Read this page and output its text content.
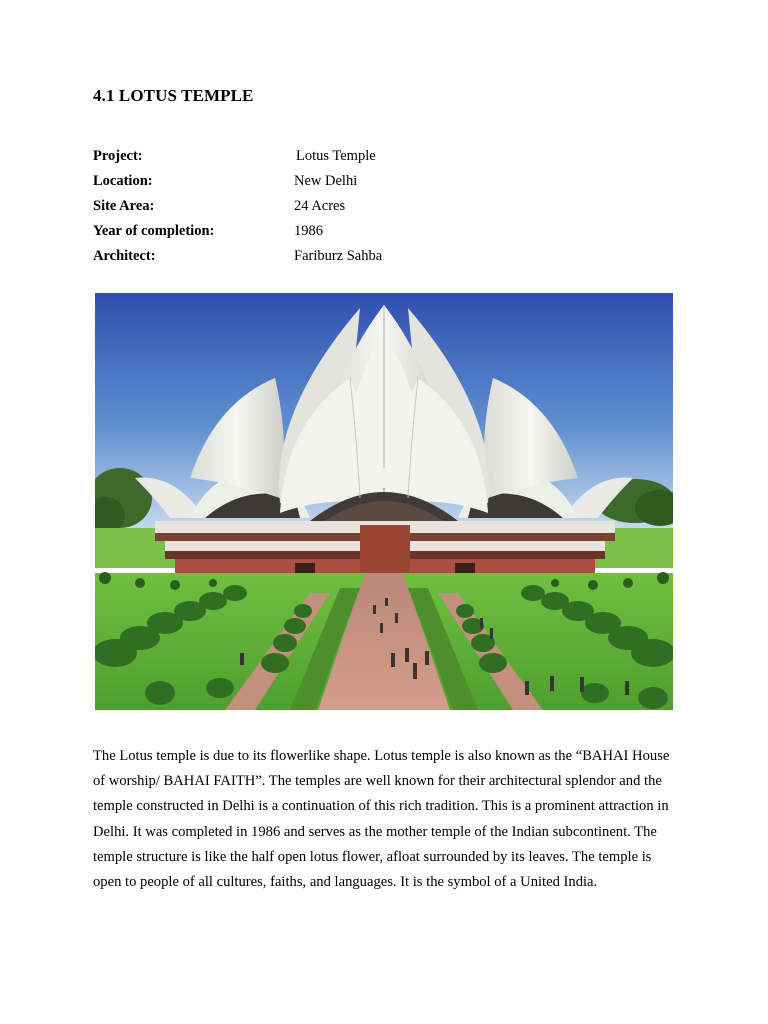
4.1 LOTUS TEMPLE
Project:	Lotus Temple
Location:	New Delhi
Site Area:	24 Acres
Year of completion:	1986
Architect:	Fariburz Sahba
The Lotus temple is due to its flowerlike shape. Lotus temple is also known as the “BAHAI House of worship/ BAHAI FAITH”. The temples are well known for their architectural splendor and the temple constructed in Delhi is a continuation of this rich tradition. This is a prominent attraction in Delhi. It was completed in 1986 and serves as the mother temple of the Indian subcontinent. The temple structure is like the half open lotus flower, afloat surrounded by its leaves. The temple is open to people of all cultures, faiths, and languages. It is the symbol of a United India.
